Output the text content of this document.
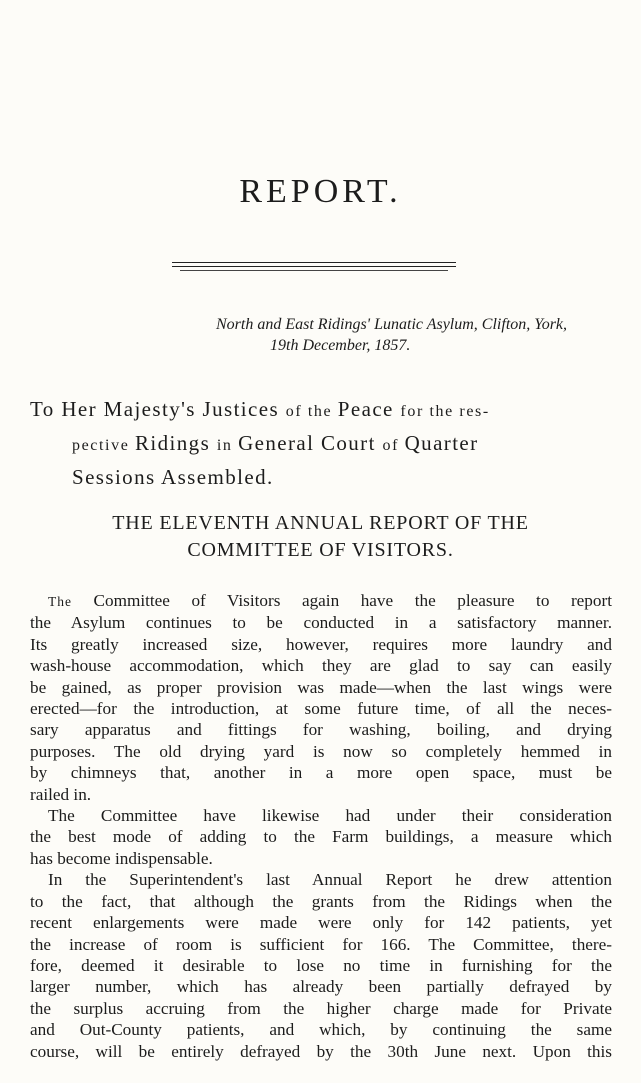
REPORT.
North and East Ridings' Lunatic Asylum, Clifton, York,
19th December, 1857.
To Her Majesty's Justices of the Peace for the res-
pective Ridings in General Court of Quarter
Sessions Assembled.
THE ELEVENTH ANNUAL REPORT OF THE
COMMITTEE OF VISITORS.
The Committee of Visitors again have the pleasure to report
the Asylum continues to be conducted in a satisfactory manner.
Its greatly increased size, however, requires more laundry and
wash-house accommodation, which they are glad to say can easily
be gained, as proper provision was made—when the last wings were
erected—for the introduction, at some future time, of all the neces-
sary apparatus and fittings for washing, boiling, and drying
purposes. The old drying yard is now so completely hemmed in
by chimneys that, another in a more open space, must be
railed in.
The Committee have likewise had under their consideration
the best mode of adding to the Farm buildings, a measure which
has become indispensable.
In the Superintendent's last Annual Report he drew attention
to the fact, that although the grants from the Ridings when the
recent enlargements were made were only for 142 patients, yet
the increase of room is sufficient for 166. The Committee, there-
fore, deemed it desirable to lose no time in furnishing for the
larger number, which has already been partially defrayed by
the surplus accruing from the higher charge made for Private
and Out-County patients, and which, by continuing the same
course, will be entirely defrayed by the 30th June next. Upon this
